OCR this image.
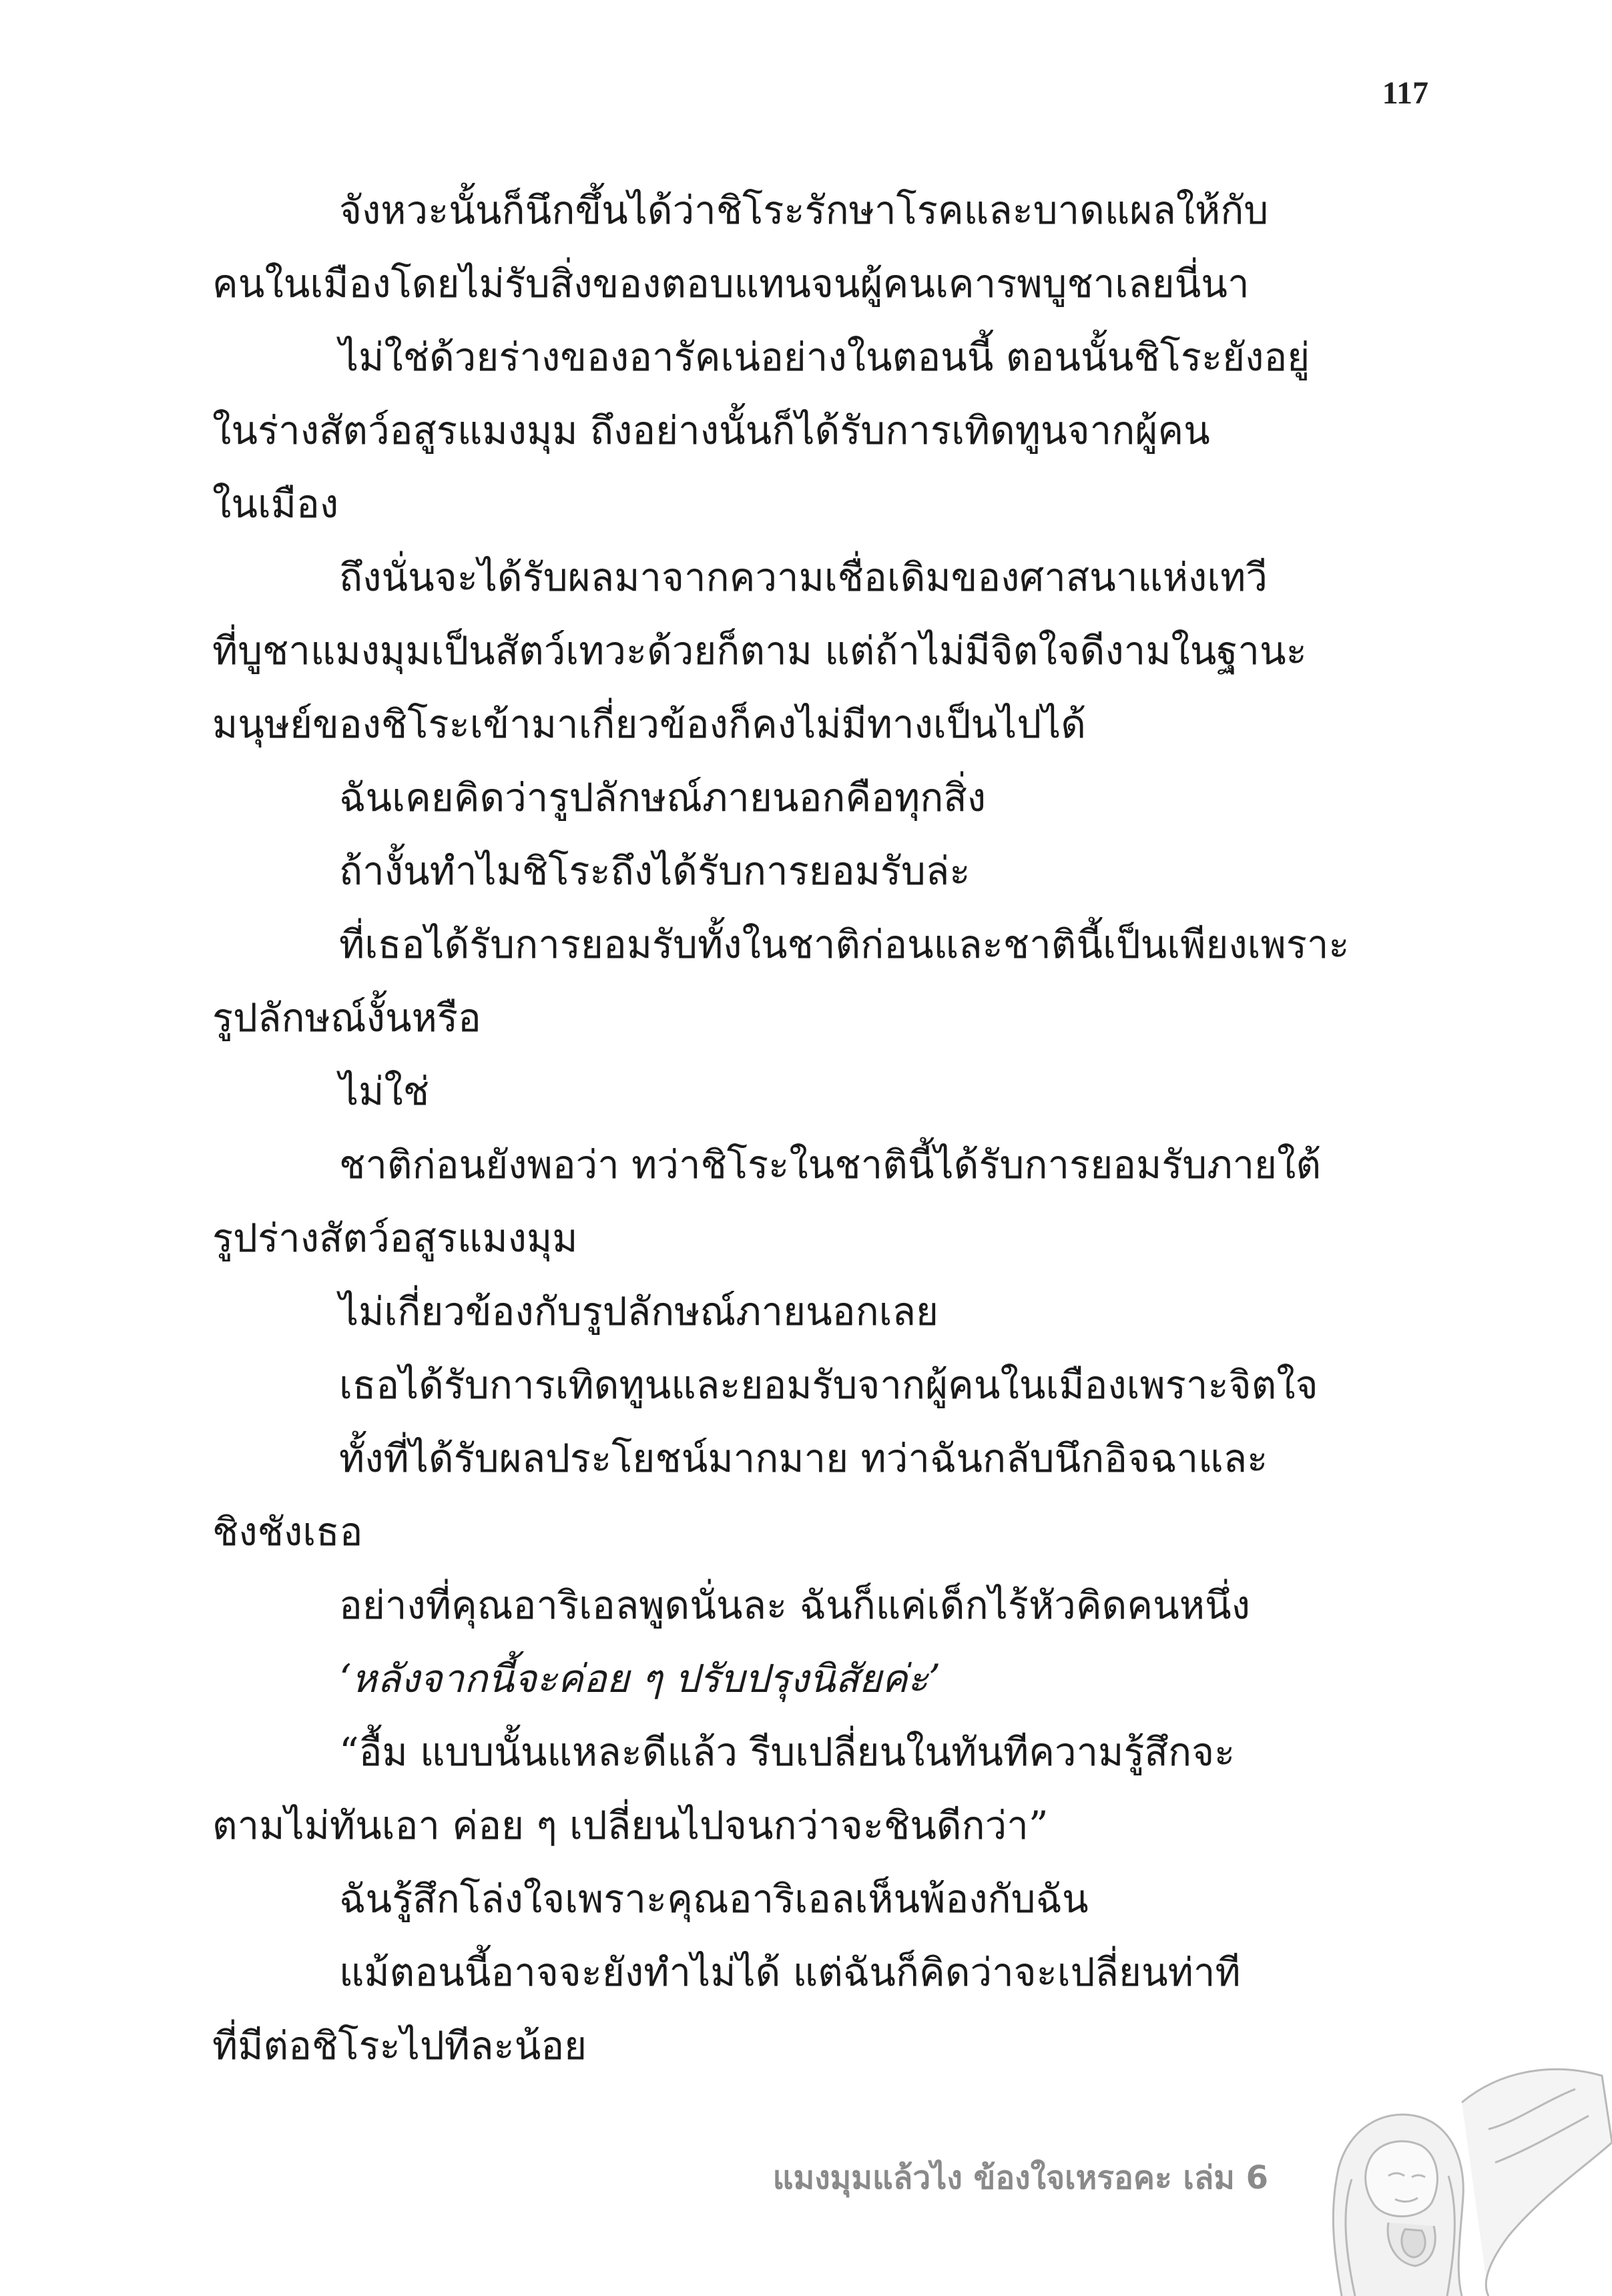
117
จังหวะนั้นก็นึกขึ้นได้ว่าชิโระรักษาโรคและบาดแผลให้กับ
คนในเมืองโดยไม่รับสิ่งของตอบแทนจนผู้คนเคารพบูชาเลยนี่นา
ไม่ใช่ด้วยร่างของอารัคเน่อย่างในตอนนี้ ตอนนั้นชิโระยังอยู่
ในร่างสัตว์อสูรแมงมุม ถึงอย่างนั้นก็ได้รับการเทิดทูนจากผู้คน
ในเมือง
ถึงนั่นจะได้รับผลมาจากความเชื่อเดิมของศาสนาแห่งเทวี
ที่บูชาแมงมุมเป็นสัตว์เทวะด้วยก็ตาม แต่ถ้าไม่มีจิตใจดีงามในฐานะ
มนุษย์ของชิโระเข้ามาเกี่ยวข้องก็คงไม่มีทางเป็นไปได้
ฉันเคยคิดว่ารูปลักษณ์ภายนอกคือทุกสิ่ง
ถ้างั้นทำไมชิโระถึงได้รับการยอมรับล่ะ
ที่เธอได้รับการยอมรับทั้งในชาติก่อนและชาตินี้เป็นเพียงเพราะ
รูปลักษณ์งั้นหรือ
ไม่ใช่
ชาติก่อนยังพอว่า ทว่าชิโระในชาตินี้ได้รับการยอมรับภายใต้
รูปร่างสัตว์อสูรแมงมุม
ไม่เกี่ยวข้องกับรูปลักษณ์ภายนอกเลย
เธอได้รับการเทิดทูนและยอมรับจากผู้คนในเมืองเพราะจิตใจ
ทั้งที่ได้รับผลประโยชน์มากมาย ทว่าฉันกลับนึกอิจฉาและ
ชิงชังเธอ
อย่างที่คุณอาริเอลพูดนั่นละ ฉันก็แค่เด็กไร้หัวคิดคนหนึ่ง
‘หลังจากนี้จะค่อย ๆ ปรับปรุงนิสัยค่ะ’
“อื้ม แบบนั้นแหละดีแล้ว รีบเปลี่ยนในทันทีความรู้สึกจะ
ตามไม่ทันเอา ค่อย ๆ เปลี่ยนไปจนกว่าจะชินดีกว่า”
ฉันรู้สึกโล่งใจเพราะคุณอาริเอลเห็นพ้องกับฉัน
แม้ตอนนี้อาจจะยังทำไม่ได้ แต่ฉันก็คิดว่าจะเปลี่ยนท่าที
ที่มีต่อชิโระไปทีละน้อย
แมงมุมแล้วไง ข้องใจเหรอคะ เล่ม 6
